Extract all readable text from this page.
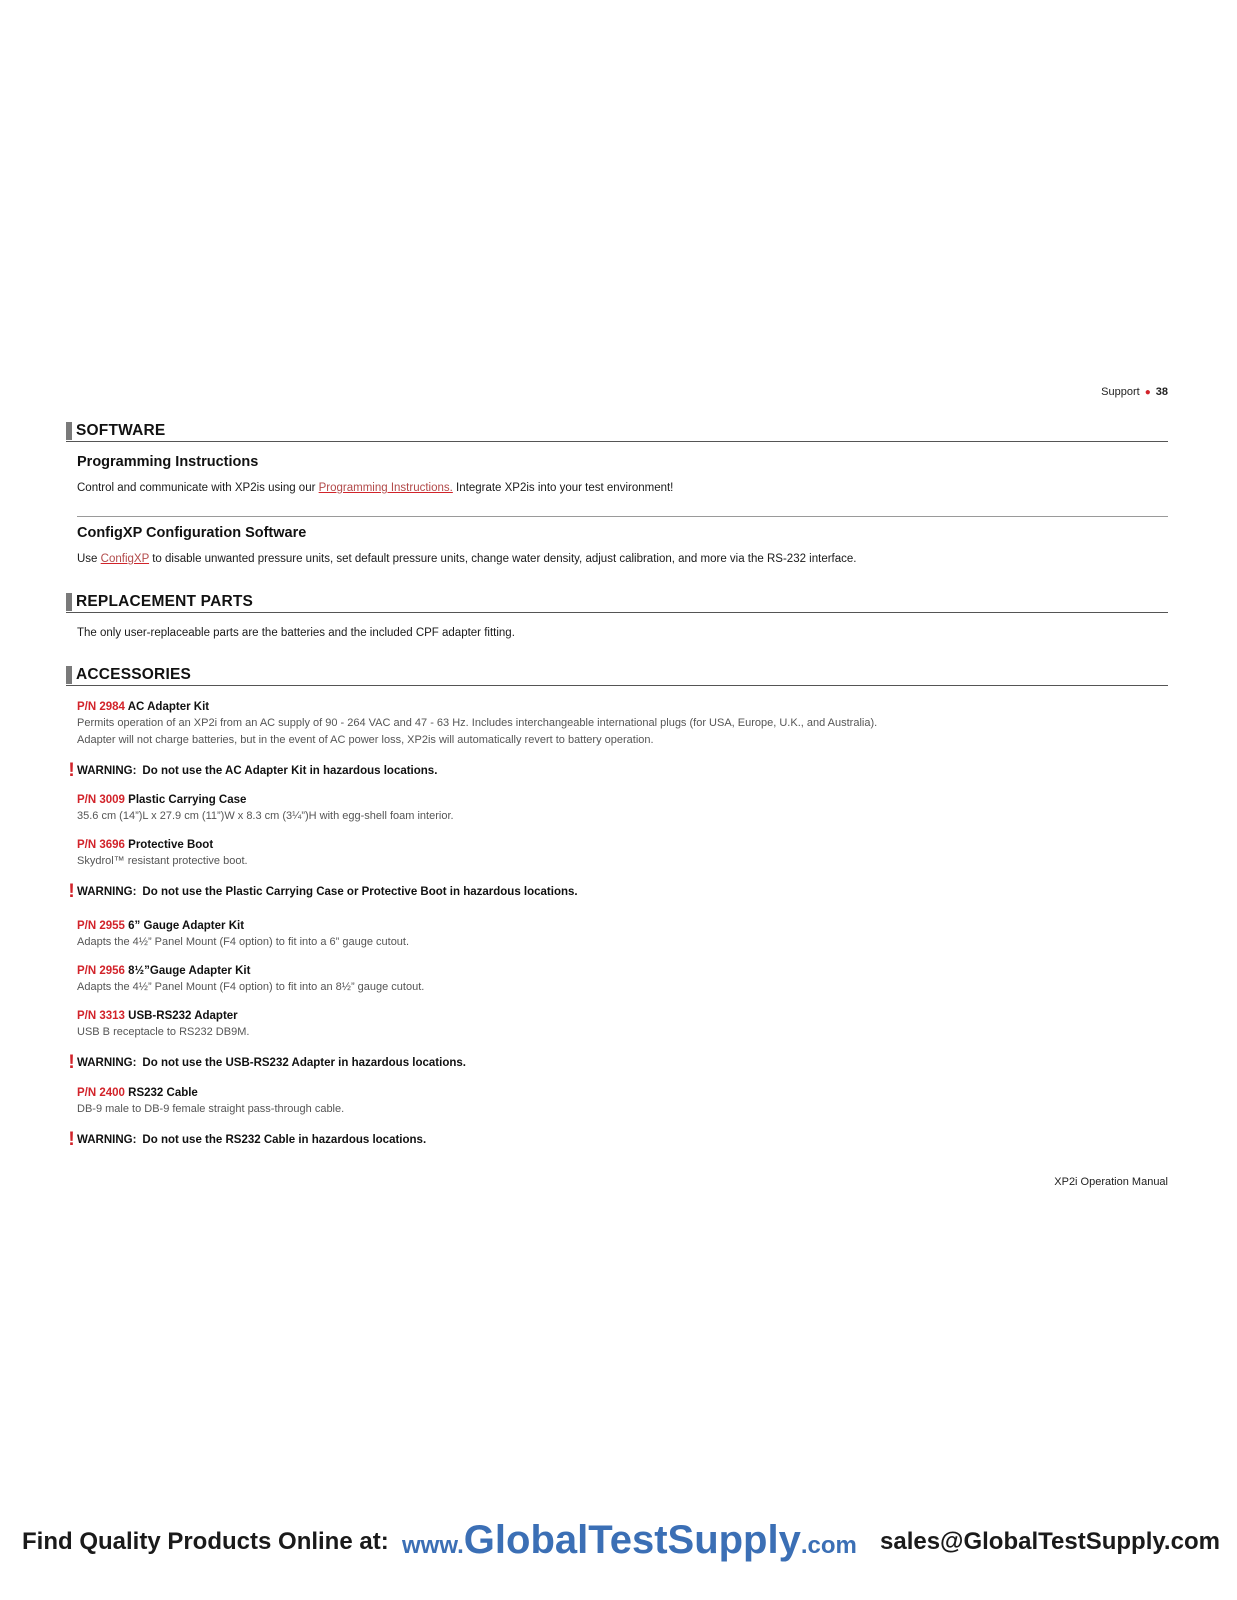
Support ● 38
SOFTWARE
Programming Instructions
Control and communicate with XP2is using our Programming Instructions. Integrate XP2is into your test environment!
ConfigXP Configuration Software
Use ConfigXP to disable unwanted pressure units, set default pressure units, change water density, adjust calibration, and more via the RS-232 interface.
REPLACEMENT PARTS
The only user-replaceable parts are the batteries and the included CPF adapter fitting.
ACCESSORIES
P/N 2984 AC Adapter Kit
Permits operation of an XP2i from an AC supply of 90 - 264 VAC and 47 - 63 Hz. Includes interchangeable international plugs (for USA, Europe, U.K., and Australia).
Adapter will not charge batteries, but in the event of AC power loss, XP2is will automatically revert to battery operation.
! WARNING: Do not use the AC Adapter Kit in hazardous locations.
P/N 3009 Plastic Carrying Case
35.6 cm (14”)L x 27.9 cm (11”)W x 8.3 cm (3¼”)H with egg-shell foam interior.
P/N 3696 Protective Boot
Skydrol™ resistant protective boot.
! WARNING: Do not use the Plastic Carrying Case or Protective Boot in hazardous locations.
P/N 2955 6” Gauge Adapter Kit
Adapts the 4½” Panel Mount (F4 option) to fit into a 6” gauge cutout.
P/N 2956 8½”Gauge Adapter Kit
Adapts the 4½” Panel Mount (F4 option) to fit into an 8½” gauge cutout.
P/N 3313 USB-RS232 Adapter
USB B receptacle to RS232 DB9M.
! WARNING: Do not use the USB-RS232 Adapter in hazardous locations.
P/N 2400 RS232 Cable
DB-9 male to DB-9 female straight pass-through cable.
! WARNING: Do not use the RS232 Cable in hazardous locations.
XP2i Operation Manual
Find Quality Products Online at: www.GlobalTestSupply.com sales@GlobalTestSupply.com
